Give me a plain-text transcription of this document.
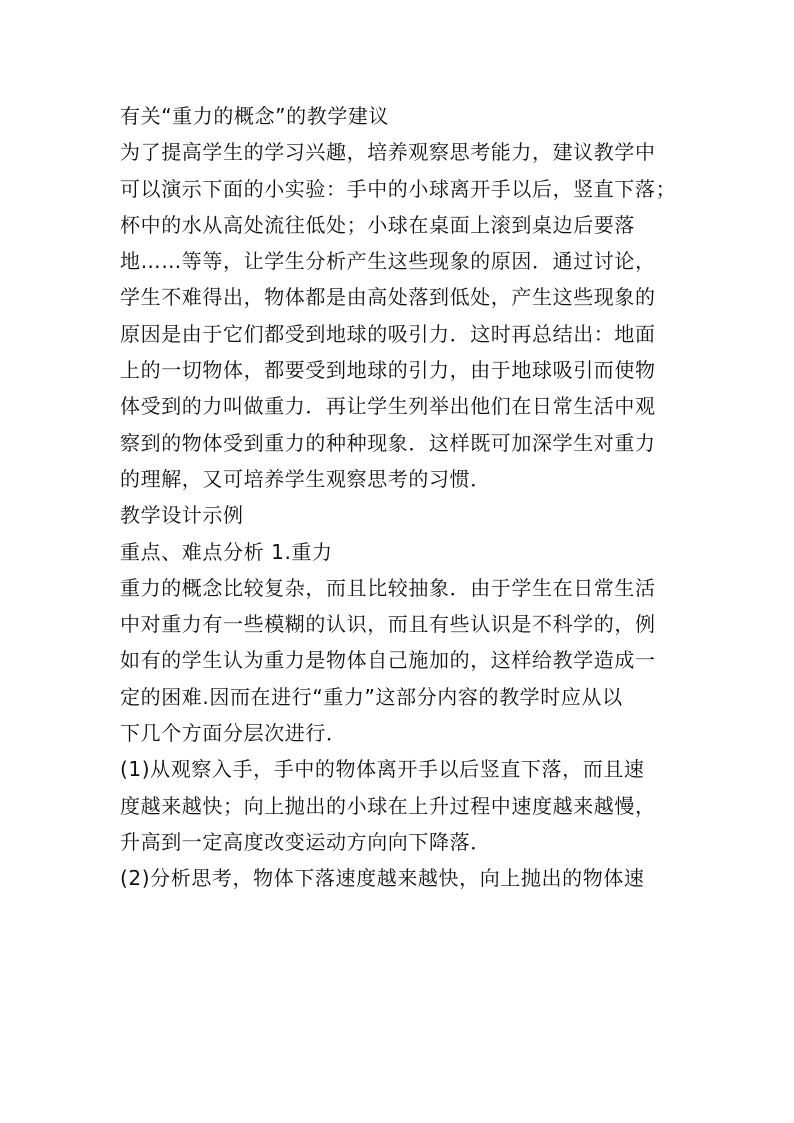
有关“重力的概念”的教学建议
为了提高学生的学习兴趣，培养观察思考能力，建议教学中
可以演示下面的小实验：手中的小球离开手以后，竖直下落；
杯中的水从高处流往低处；小球在桌面上滚到桌边后要落
地……等等，让学生分析产生这些现象的原因．通过讨论，
学生不难得出，物体都是由高处落到低处，产生这些现象的
原因是由于它们都受到地球的吸引力．这时再总结出：地面
上的一切物体，都要受到地球的引力，由于地球吸引而使物
体受到的力叫做重力．再让学生列举出他们在日常生活中观
察到的物体受到重力的种种现象．这样既可加深学生对重力
的理解，又可培养学生观察思考的习惯．
教学设计示例
重点、难点分析 1.重力
重力的概念比较复杂，而且比较抽象．由于学生在日常生活
中对重力有一些模糊的认识，而且有些认识是不科学的，例
如有的学生认为重力是物体自己施加的，这样给教学造成一
定的困难.因而在进行“重力”这部分内容的教学时应从以
下几个方面分层次进行．
(1)从观察入手，手中的物体离开手以后竖直下落，而且速
度越来越快；向上抛出的小球在上升过程中速度越来越慢，
升高到一定高度改变运动方向向下降落．
(2)分析思考，物体下落速度越来越快，向上抛出的物体速
